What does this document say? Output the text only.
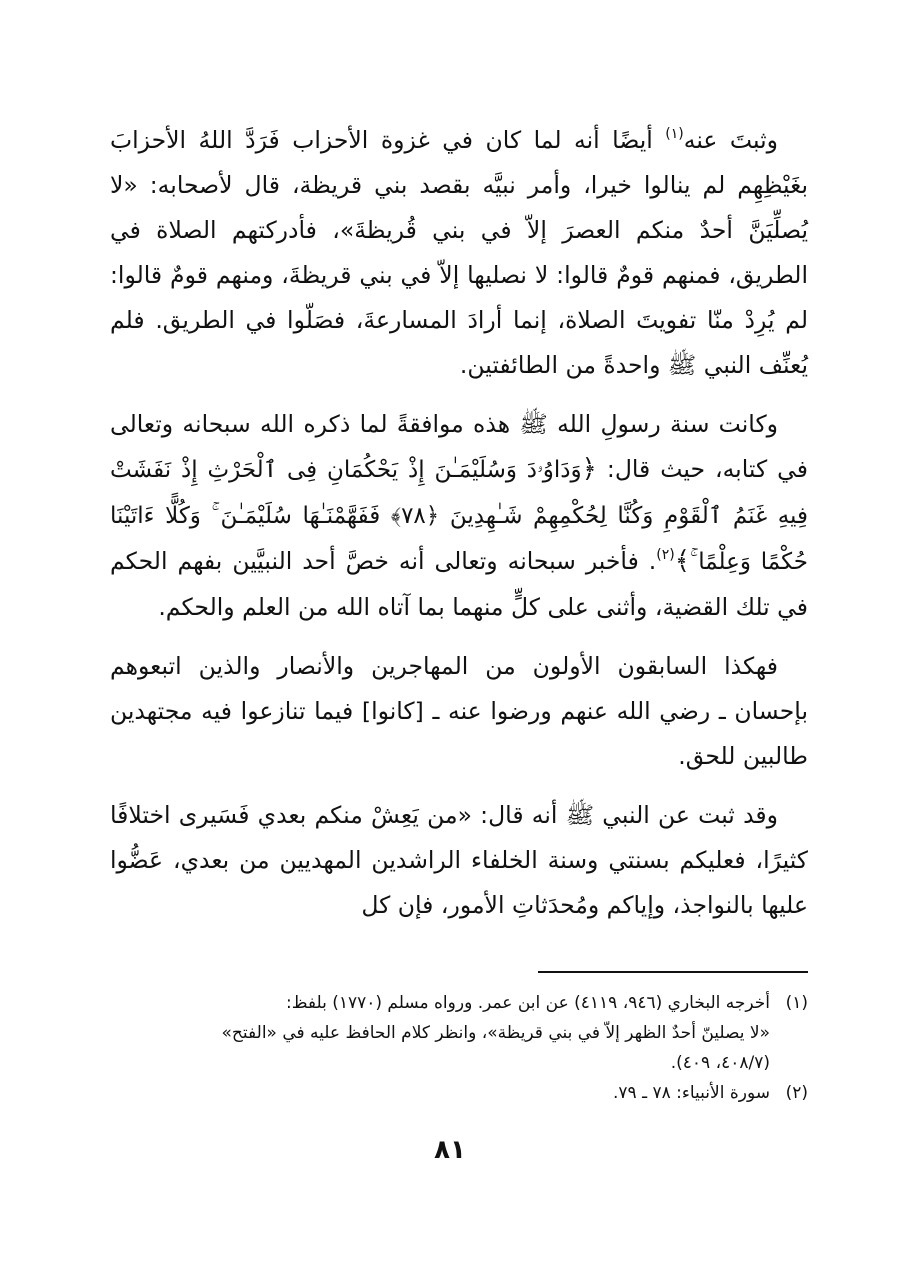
وثبتَ عنه$^{(١)}$ أيضًا أنه لما كان في غزوة الأحزاب فَرَدَّ اللهُ الأحزابَ بغَيْظِهِم لم ينالوا خيرا، وأمر نبيَّه بقصد بني قريظة، قال لأصحابه: «لا يُصلِّيَنَّ أحدٌ منكم العصرَ إلاّ في بني قُريظةَ»، فأدركتهم الصلاة في الطريق، فمنهم قومٌ قالوا: لا نصليها إلاّ في بني قريظةَ، ومنهم قومٌ قالوا: لم يُرِدْ منّا تفويتَ الصلاة، إنما أرادَ المسارعةَ، فصَلّوا في الطريق. فلم يُعنِّف النبي ﷺ واحدةً من الطائفتين.

وكانت سنة رسولِ الله ﷺ هذه موافقةً لما ذكره الله سبحانه وتعالى في كتابه، حيث قال: ﴿وَدَاوُۥدَ وَسُلَيْمَـٰنَ إِذْ يَحْكُمَانِ فِى ٱلْحَرْثِ إِذْ نَفَشَتْ فِيهِ غَنَمُ ٱلْقَوْمِ وَكُنَّا لِحُكْمِهِمْ شَـٰهِدِينَ ﴿٧٨﴾ فَفَهَّمْنَـٰهَا سُلَيْمَـٰنَ ۚ وَكُلًّا ءَاتَيْنَا حُكْمًا وَعِلْمًا ۚ﴾$^{(٢)}$. فأخبر سبحانه وتعالى أنه خصَّ أحد النبيَّين بفهم الحكم في تلك القضية، وأثنى على كلٍّ منهما بما آتاه الله من العلم والحكم.

فهكذا السابقون الأولون من المهاجرين والأنصار والذين اتبعوهم بإحسان ـ رضي الله عنهم ورضوا عنه ـ [كانوا] فيما تنازعوا فيه مجتهدين طالبين للحق.

وقد ثبت عن النبي ﷺ أنه قال: «من يَعِشْ منكم بعدي فَسَيرى اختلافًا كثيرًا، فعليكم بسنتي وسنة الخلفاء الراشدين المهديين من بعدي، عَضُّوا عليها بالنواجذ، وإياكم ومُحدَثاتِ الأمور، فإن كل

(١)
أخرجه البخاري (٩٤٦، ٤١١٩) عن ابن عمر. ورواه مسلم (١٧٧٠) بلفظ:
«لا يصلينّ أحدٌ الظهر إلاّ في بني قريظة»، وانظر كلام الحافظ عليه في «الفتح»
(٤٠٨/٧، ٤٠٩).
(٢)
سورة الأنبياء: ٧٨ ـ ٧٩.
٨١
